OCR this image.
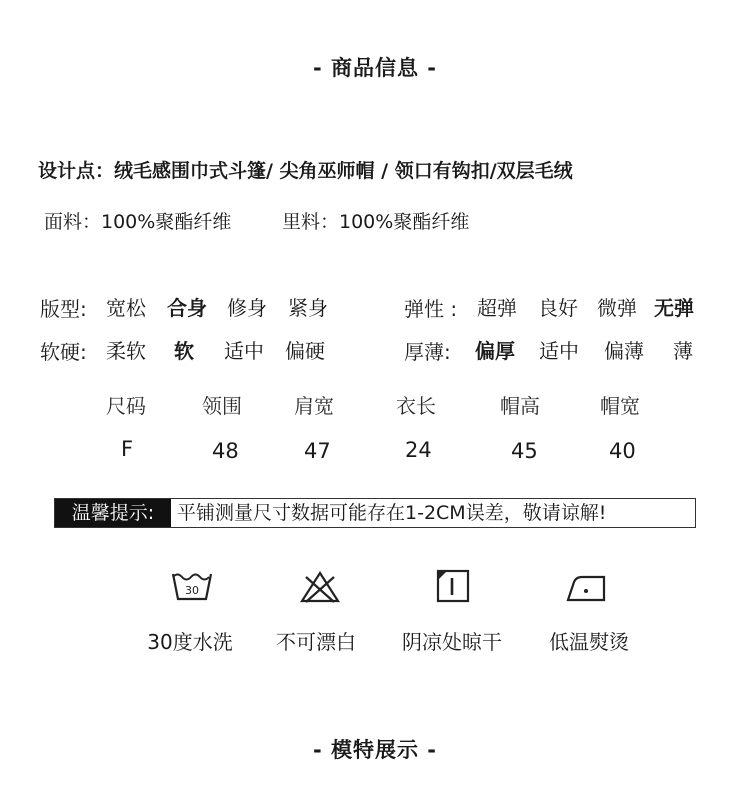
- 商品信息 -
设计点：绒毛感围巾式斗篷/ 尖角巫师帽 / 领口有钩扣/双层毛绒
面料：100%聚酯纤维	里料：100%聚酯纤维
版型: 宽松 合身 修身 紧身	弹性 : 超弹 良好 微弹 无弹
软硬: 柔软 软 适中 偏硬	厚薄: 偏厚 适中 偏薄 薄
尺码	领围	肩宽	衣长	帽高	帽宽
F	48	47	24	45	40
温馨提示:	平铺测量尺寸数据可能存在1-2CM误差，敬请谅解!
30
30度水洗	不可漂白	阴凉处晾干	低温熨烫
- 模特展示 -
